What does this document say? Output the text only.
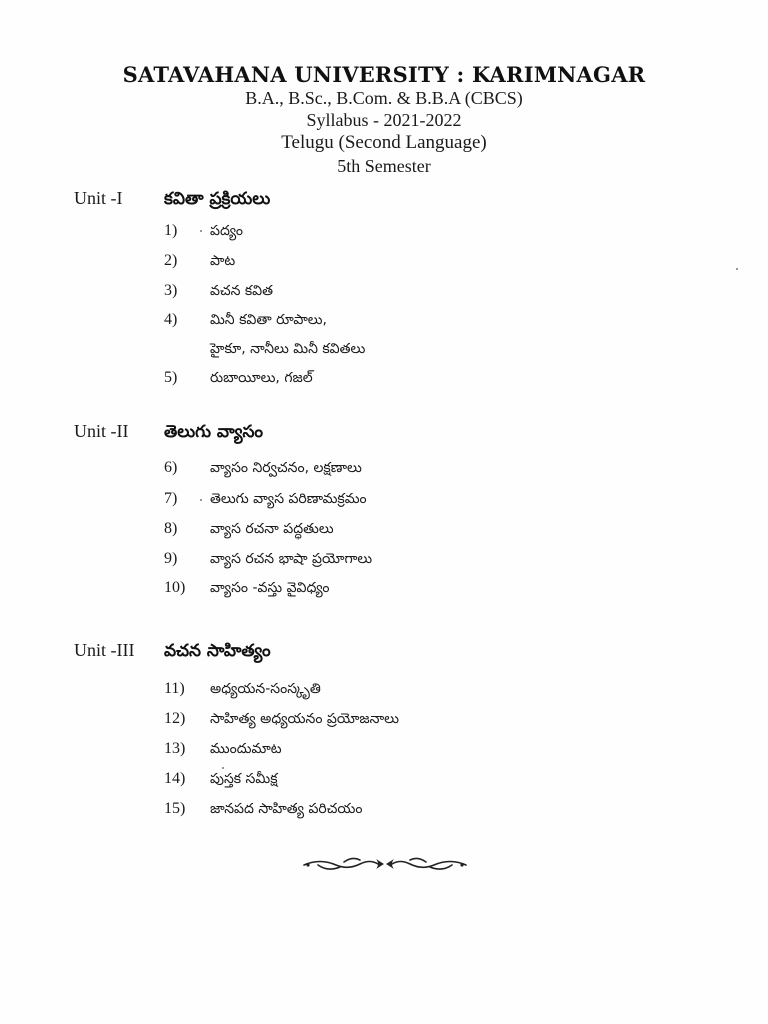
SATAVAHANA UNIVERSITY : KARIMNAGAR
B.A., B.Sc., B.Com. & B.B.A (CBCS)
Syllabus - 2021-2022
Telugu (Second Language)
5th Semester
Unit -I కవితా ప్రక్రియలు
1)	పద్యం
2)	పాట
3)	వచన కవిత
4)	మినీ కవితా రూపాలు,
హైకూ, నానీలు మినీ కవితలు
5)	రుబాయీలు, గజల్
Unit -II తెలుగు వ్యాసం
6)	వ్యాసం నిర్వచనం, లక్షణాలు
7)	తెలుగు వ్యాస పరిణామక్రమం
8)	వ్యాస రచనా పద్ధతులు
9)	వ్యాస రచన భాషా ప్రయోగాలు
10)	వ్యాసం -వస్తు వైవిధ్యం
Unit -III వచన సాహిత్యం
11)	అధ్యయన-సంస్కృతి
12)	సాహిత్య అధ్యయనం ప్రయోజనాలు
13)	ముందుమాట
14)	పుస్తక సమీక్ష
15)	జానపద సాహిత్య పరిచయం
